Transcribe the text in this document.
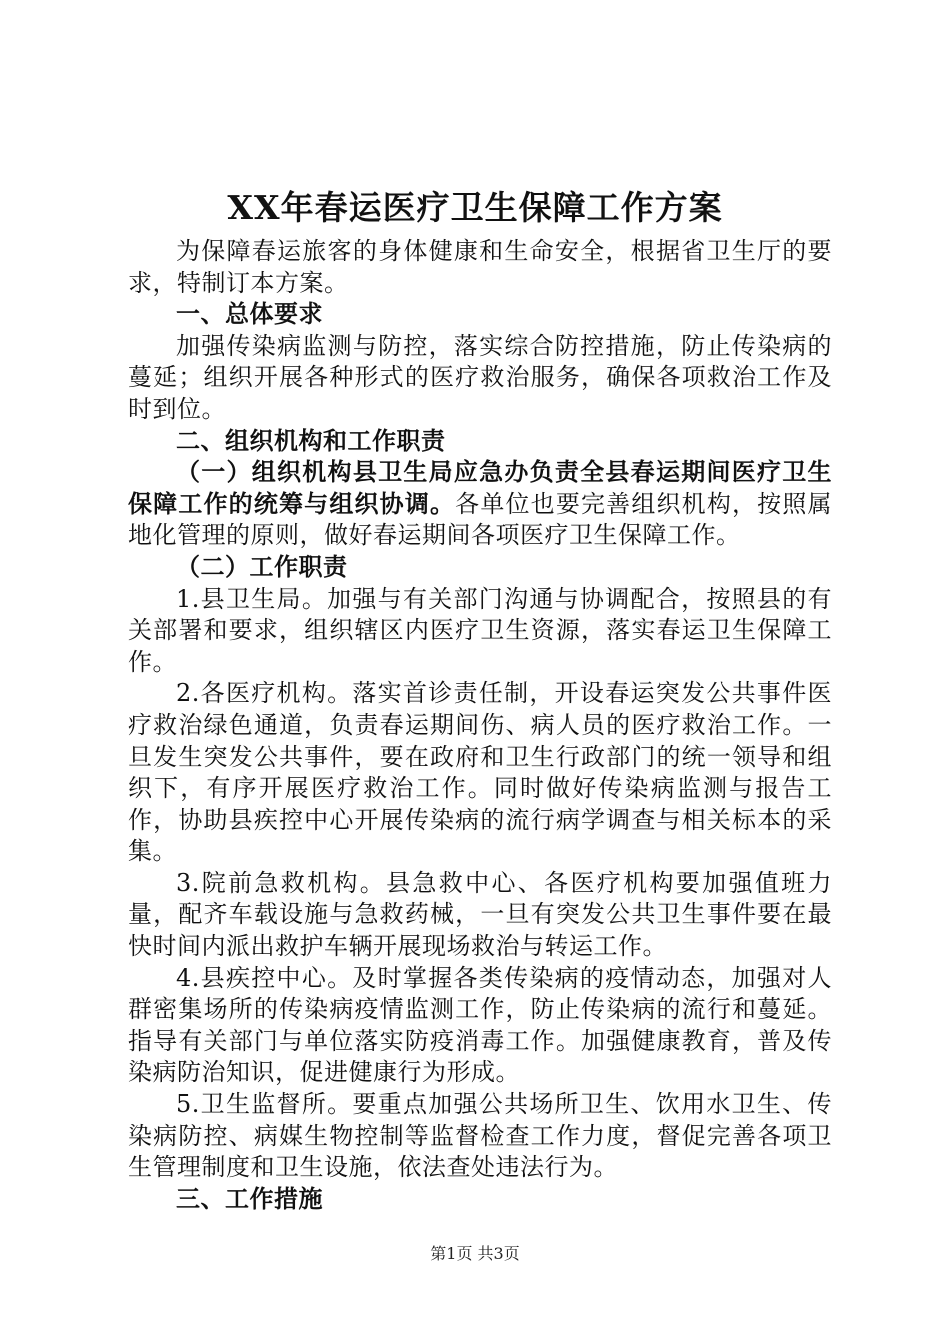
XX年春运医疗卫生保障工作方案

为保障春运旅客的身体健康和生命安全，根据省卫生厅的要求，特制订本方案。

一、总体要求

加强传染病监测与防控，落实综合防控措施，防止传染病的蔓延；组织开展各种形式的医疗救治服务，确保各项救治工作及时到位。

二、组织机构和工作职责

（一）组织机构县卫生局应急办负责全县春运期间医疗卫生保障工作的统筹与组织协调。各单位也要完善组织机构，按照属地化管理的原则，做好春运期间各项医疗卫生保障工作。

（二）工作职责

1.县卫生局。加强与有关部门沟通与协调配合，按照县的有关部署和要求，组织辖区内医疗卫生资源，落实春运卫生保障工作。

2.各医疗机构。落实首诊责任制，开设春运突发公共事件医疗救治绿色通道，负责春运期间伤、病人员的医疗救治工作。一旦发生突发公共事件，要在政府和卫生行政部门的统一领导和组织下，有序开展医疗救治工作。同时做好传染病监测与报告工作，协助县疾控中心开展传染病的流行病学调查与相关标本的采集。

3.院前急救机构。县急救中心、各医疗机构要加强值班力量，配齐车载设施与急救药械，一旦有突发公共卫生事件要在最快时间内派出救护车辆开展现场救治与转运工作。

4.县疾控中心。及时掌握各类传染病的疫情动态，加强对人群密集场所的传染病疫情监测工作，防止传染病的流行和蔓延。指导有关部门与单位落实防疫消毒工作。加强健康教育，普及传染病防治知识，促进健康行为形成。

5.卫生监督所。要重点加强公共场所卫生、饮用水卫生、传染病防控、病媒生物控制等监督检查工作力度，督促完善各项卫生管理制度和卫生设施，依法查处违法行为。

三、工作措施

第1页 共3页
